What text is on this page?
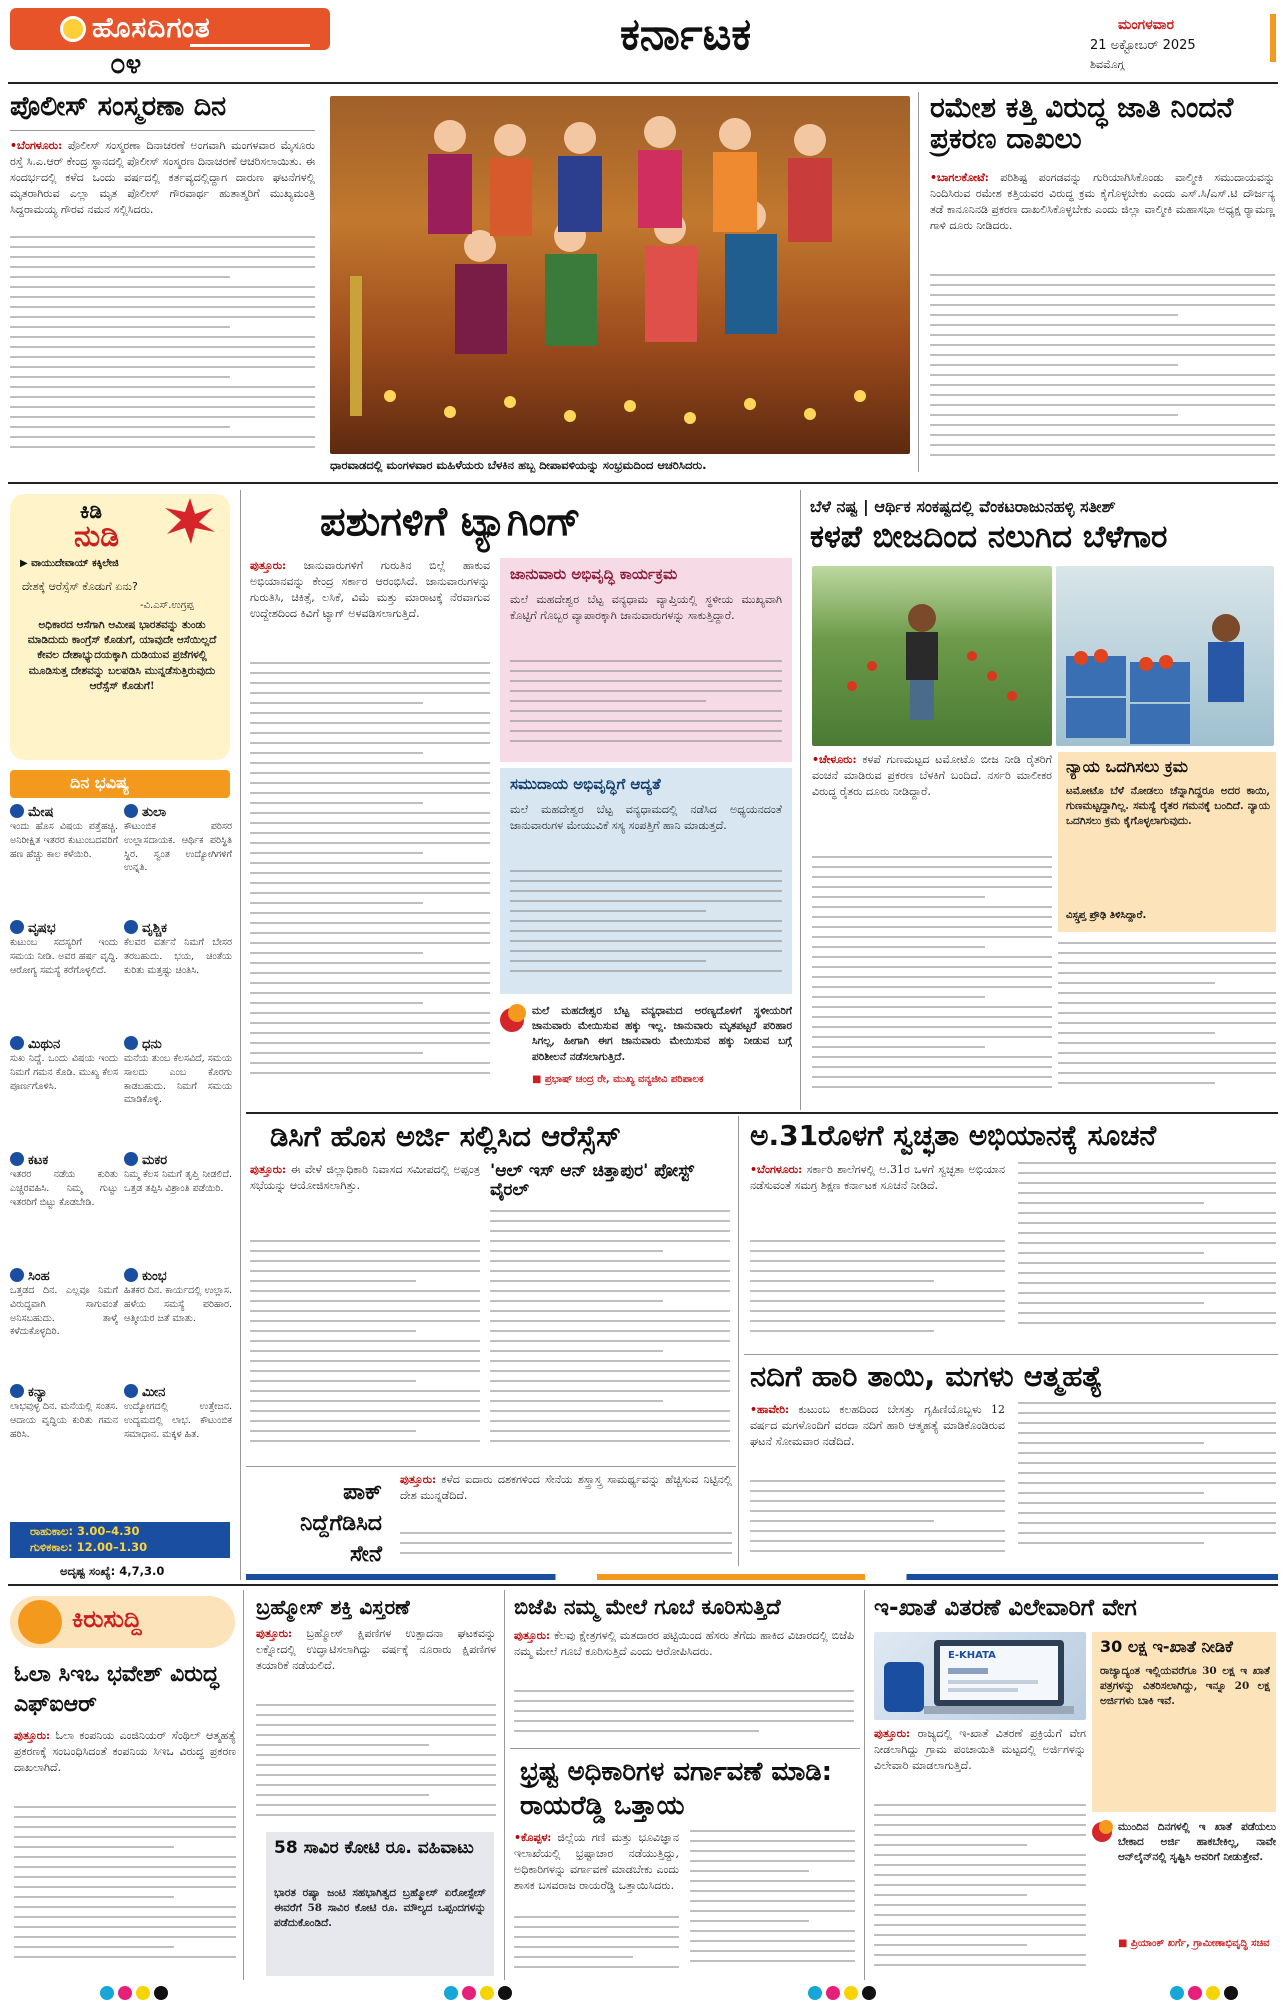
ಹೊಸದಿಗಂತ
೦೪
ಕರ್ನಾಟಕ	ಮಂಗಳವಾರ
21 ಅಕ್ಟೋಬರ್ 2025
ಶಿವಮೊಗ್ಗ
ಪೊಲೀಸ್ ಸಂಸ್ಮರಣಾ ದಿನ
•ಬೆಂಗಳೂರು: ಪೊಲೀಸ್ ಸಂಸ್ಮರಣಾ ದಿನಾಚರಣೆ ಅಂಗವಾಗಿ ಮಂಗಳವಾರ ಮೈಸೂರು ರಸ್ತೆ ಸಿ.ಎ.ಆರ್ ಕೇಂದ್ರ ಸ್ಥಾನದಲ್ಲಿ ಪೊಲೀಸ್ ಸಂಸ್ಮರಣ ದಿನಾಚರಣೆ ಆಚರಿಸಲಾಯಿತು. ಈ ಸಂದರ್ಭದಲ್ಲಿ ಕಳೆದ ಒಂದು ವರ್ಷದಲ್ಲಿ ಕರ್ತವ್ಯದಲ್ಲಿದ್ದಾಗ ದಾರುಣ ಘಟನೆಗಳಲ್ಲಿ ಮೃತರಾಗಿರುವ ಎಲ್ಲಾ ಮೃತ ಪೊಲೀಸ್ ಗೌರವಾರ್ಥ ಹುತಾತ್ಮರಿಗೆ ಮುಖ್ಯಮಂತ್ರಿ ಸಿದ್ದರಾಮಯ್ಯ ಗೌರವ ನಮನ ಸಲ್ಲಿಸಿದರು.
ಧಾರವಾಡದಲ್ಲಿ ಮಂಗಳವಾರ ಮಹಿಳೆಯರು ಬೆಳಕಿನ ಹಬ್ಬ ದೀಪಾವಳಿಯನ್ನು ಸಂಭ್ರಮದಿಂದ ಆಚರಿಸಿದರು.
ರಮೇಶ ಕತ್ತಿ ವಿರುದ್ಧ ಜಾತಿ ನಿಂದನೆ ಪ್ರಕರಣ ದಾಖಲು
•ಬಾಗಲಕೋಟೆ: ಪರಿಶಿಷ್ಟ ಪಂಗಡವನ್ನು ಗುರಿಯಾಗಿಸಿಕೊಂಡು ವಾಲ್ಮೀಕಿ ಸಮುದಾಯವನ್ನು ನಿಂದಿಸಿರುವ ರಮೇಶ ಕತ್ತಿಯವರ ವಿರುದ್ಧ ಕ್ರಮ ಕೈಗೊಳ್ಳಬೇಕು ಎಂದು ಎಸ್.ಸಿ/ಎಸ್.ಟಿ ದೌರ್ಜನ್ಯ ತಡೆ ಕಾನೂನಿನಡಿ ಪ್ರಕರಣ ದಾಖಲಿಸಿಕೊಳ್ಳಬೇಕು ಎಂದು ಜಿಲ್ಲಾ ವಾಲ್ಮೀಕಿ ಮಹಾಸಭಾ ಅಧ್ಯಕ್ಷ ರ‍್ಯಾಮಣ್ಣ ಗಾಳಿ ದೂರು ನೀಡಿದರು.
ಕಿಡಿ
ನುಡಿ
▶ ವಾಯುದೇವಾಯ್ ಕಕ್ಕಿಲೇಜಿ
ದೇಶಕ್ಕೆ ಆರೆಸ್ಸೆಸ್ ಕೊಡುಗೆ ಏನು?
-ವಿ.ಎಸ್.ಉಗ್ರಪ್ಪ
ಅಧಿಕಾರದ ಆಸೆಗಾಗಿ ಆಮೀಷ ಭಾರತವನ್ನು ತುಂಡು ಮಾಡಿದುದು ಕಾಂಗ್ರೆಸ್ ಕೊಡುಗೆ, ಯಾವುದೇ ಆಸೆಯಿಲ್ಲದೆ ಕೇವಲ ದೇಶಾಭ್ಯುದಯಕ್ಕಾಗಿ ದುಡಿಯುವ ಪ್ರಜೆಗಳಲ್ಲಿ ಮೂಡಿಸುತ್ತ ದೇಶವನ್ನು ಬಲಪಡಿಸಿ ಮುನ್ನಡೆಸುತ್ತಿರುವುದು ಆರೆಸ್ಸೆಸ್ ಕೊಡುಗೆ!
ದಿನ ಭವಿಷ್ಯ
ಮೇಷ
ಇಂದು ಹೊಸ ವಿಷಯ ಪತ್ತೆಹಚ್ಚಿ. ಅನಿರೀಕ್ಷಿತ ಇತರರ ಕುಟುಂಬದವರಿಗೆ ಹಣ ಹೆಚ್ಚು ಕಾಲ ಕಳೆಯಿರಿ.
ತುಲಾ
ಕೌಟುಂಬಿಕ ಪರಿಸರ ಉಲ್ಲಾಸದಾಯಕ. ಆರ್ಥಿಕ ಪರಿಸ್ಥಿತಿ ಸ್ಥಿರ. ಸ್ವಂತ ಉದ್ಯೋಗಿಗಳಿಗೆ ಉನ್ನತಿ.
ವೃಷಭ
ಕುಟುಂಬ ಸದಸ್ಯರಿಗೆ ಇಂದು ಸಮಯ ನೀಡಿ. ಅವರ ಹರ್ಷ ವೃದ್ಧಿ. ಆರೋಗ್ಯ ಸಮಸ್ಯೆ ಕರೆಗೊಳ್ಳಲಿದೆ.
ವೃಶ್ಚಿಕ
ಕೆಲವರ ವರ್ತನೆ ನಿಮಗೆ ಬೇಸರ ತರಬಹುದು. ಭಯ, ಚಿಂತೆಯ ಕುರಿತು ಮತ್ತಷ್ಟು ಚಿಂತಿಸಿ.
ಮಿಥುನ
ಸುಖ ನಿದ್ದೆ. ಒಂದು ವಿಷಯ ಇಂದು ನಿಮಗೆ ಗಮನ ಕೊಡಿ. ಮುಖ್ಯ ಕೆಲಸ ಪೂರ್ಣಗೊಳಿಸಿ.
ಧನು
ಮನೆಯ ತುಂಬ ಕೆಲಸವಿದೆ, ಸಮಯ ಸಾಲದು ಎಂಬ ಕೊರಗು ಕಾಡಬಹುದು. ನಿಮಗೆ ಸಮಯ ಮಾಡಿಕೊಳ್ಳಿ.
ಕಟಕ
ಇತರರ ನಡೆಯ ಕುರಿತು ಎಚ್ಚರವಹಿಸಿ. ನಿಮ್ಮ ಗುಟ್ಟು ಇತರರಿಗೆ ಬಿಟ್ಟು ಕೊಡಬೇಡಿ.
ಮಕರ
ನಿಮ್ಮ ಕೆಲಸ ನಿಮಗೆ ತೃಪ್ತಿ ನೀಡಲಿದೆ. ಒತ್ತಡ ತಪ್ಪಿಸಿ ವಿಶ್ರಾಂತಿ ಪಡೆಯಿರಿ.
ಸಿಂಹ
ಒತ್ತಡದ ದಿನ. ಎಲ್ಲವೂ ನಿಮಗೆ ವಿರುದ್ಧವಾಗಿ ಸಾಗುವಂತೆ ಅನಿಸಬಹುದು. ತಾಳ್ಮೆ ಕಳೆದುಕೊಳ್ಳದಿರಿ.
ಕುಂಭ
ಹಿತಕರ ದಿನ. ಕಾರ್ಯದಲ್ಲಿ ಉಲ್ಲಾಸ. ಹಳೆಯ ಸಮಸ್ಯೆ ಪರಿಹಾರ. ಆತ್ಮೀಯರ ಜತೆ ಮಾತು.
ಕನ್ಯಾ
ಲಾಭವುಳ್ಳ ದಿನ. ಮನೆಯಲ್ಲಿ ಸಂತಸ. ಆದಾಯ ವೃದ್ಧಿಯ ಕುರಿತು ಗಮನ ಹರಿಸಿ.
ಮೀನ
ಉದ್ಯೋಗದಲ್ಲಿ ಉತ್ತೇಜನ. ಉದ್ಯಮದಲ್ಲಿ ಲಾಭ. ಕೌಟುಂಬಿಕ ಸಮಾಧಾನ. ಮಕ್ಕಳ ಹಿತ.
ರಾಹುಕಾಲ: 3.00–4.30
ಗುಳಿಕಕಾಲ: 12.00–1.30
ಅದೃಷ್ಟ ಸಂಖ್ಯೆ: 4,7,3.0
ಪಶುಗಳಿಗೆ ಟ್ಯಾಗಿಂಗ್
ಪುತ್ತೂರು: ಜಾನುವಾರುಗಳಿಗೆ ಗುರುತಿನ ಬಿಲ್ಲೆ ಹಾಕುವ ಅಭಿಯಾನವನ್ನು ಕೇಂದ್ರ ಸರ್ಕಾರ ಆರಂಭಿಸಿದೆ. ಜಾನುವಾರುಗಳನ್ನು ಗುರುತಿಸಿ, ಚಿಕಿತ್ಸೆ, ಲಸಿಕೆ, ವಿಮೆ ಮತ್ತು ಮಾರಾಟಕ್ಕೆ ನೆರವಾಗುವ ಉದ್ದೇಶದಿಂದ ಕಿವಿಗೆ ಟ್ಯಾಗ್ ಅಳವಡಿಸಲಾಗುತ್ತಿದೆ.
ಜಾನುವಾರು ಅಭಿವೃದ್ಧಿ ಕಾರ್ಯಕ್ರಮ
ಮಲೆ ಮಹದೇಶ್ವರ ಬೆಟ್ಟ ವನ್ಯಧಾಮ ವ್ಯಾಪ್ತಿಯಲ್ಲಿ ಸ್ಥಳೀಯ ಮುಖ್ಯವಾಗಿ ಕೊಟ್ಟಿಗೆ ಗೊಬ್ಬರ ವ್ಯಾಪಾರಕ್ಕಾಗಿ ಜಾನುವಾರುಗಳನ್ನು ಸಾಕುತ್ತಿದ್ದಾರೆ.
ಸಮುದಾಯ ಅಭಿವೃದ್ಧಿಗೆ ಆದ್ಯತೆ
ಮಲೆ ಮಹದೇಶ್ವರ ಬೆಟ್ಟ ವನ್ಯಧಾಮದಲ್ಲಿ ನಡೆಸಿದ ಅಧ್ಯಯನದಂತೆ ಜಾನುವಾರುಗಳ ಮೇಯುವಿಕೆ ಸಸ್ಯ ಸಂಪತ್ತಿಗೆ ಹಾನಿ ಮಾಡುತ್ತದೆ.
ಮಲೆ ಮಹದೇಶ್ವರ ಬೆಟ್ಟ ವನ್ಯಧಾಮದ ಅರಣ್ಯದೊಳಗೆ ಸ್ಥಳೀಯರಿಗೆ ಜಾನುವಾರು ಮೇಯಿಸುವ ಹಕ್ಕು ಇಲ್ಲ. ಜಾನುವಾರು ಮೃತಪಟ್ಟರೆ ಪರಿಹಾರ ಸಿಗಲ್ಲ, ಹೀಗಾಗಿ ಈಗ ಜಾನುವಾರು ಮೇಯಿಸುವ ಹಕ್ಕು ನೀಡುವ ಬಗ್ಗೆ ಪರಿಶೀಲನೆ ನಡೆಸಲಾಗುತ್ತಿದೆ.
■ ಪ್ರಭಾಷ್ ಚಂದ್ರ ರೇ, ಮುಖ್ಯ ವನ್ಯಜೀವಿ ಪರಿಪಾಲಕ
ಬೆಳೆ ನಷ್ಟ | ಆರ್ಥಿಕ ಸಂಕಷ್ಟದಲ್ಲಿ ವೆಂಕಟರಾಜುನಹಳ್ಳಿ ಸತೀಶ್
ಕಳಪೆ ಬೀಜದಿಂದ ನಲುಗಿದ ಬೆಳೆಗಾರ
•ಚೇಳೂರು: ಕಳಪೆ ಗುಣಮಟ್ಟದ ಟಮೋಟೊ ಬೀಜ ನೀಡಿ ರೈತರಿಗೆ ವಂಚನೆ ಮಾಡಿರುವ ಪ್ರಕರಣ ಬೆಳಕಿಗೆ ಬಂದಿದೆ. ನರ್ಸರಿ ಮಾಲೀಕರ ವಿರುದ್ಧ ರೈತರು ದೂರು ನೀಡಿದ್ದಾರೆ.
ನ್ಯಾಯ ಒದಗಿಸಲು ಕ್ರಮ
ಟಮೋಟೊ ಬೆಳೆ ನೋಡಲು ಚೆನ್ನಾಗಿದ್ದರೂ ಅದರ ಕಾಯಿ, ಗುಣಮಟ್ಟದ್ದಾಗಿಲ್ಲ. ಸಮಸ್ಯೆ ರೈತರ ಗಮನಕ್ಕೆ ಬಂದಿದೆ. ನ್ಯಾಯ ಒದಗಿಸಲು ಕ್ರಮ ಕೈಗೊಳ್ಳಲಾಗುವುದು.
ವಿಸ್ಸ್ತಪ್ತ ಪ್ರೌಢಿ ತಿಳಿಸಿದ್ದಾರೆ.
ಡಿಸಿಗೆ ಹೊಸ ಅರ್ಜಿ ಸಲ್ಲಿಸಿದ ಆರೆಸ್ಸೆಸ್
ಪುತ್ತೂರು: ಈ ವೇಳೆ ಜಿಲ್ಲಾಧಿಕಾರಿ ನಿವಾಸದ ಸಮೀಪದಲ್ಲಿ ಅಪ್ಪಂತ್ರ ಸಭೆಯನ್ನು ಆಯೋಜಿಸಲಾಗಿತ್ತು.
'ಆಲ್ ಇಸ್ ಆನ್ ಚಿತ್ತಾಪುರ' ಪೋಸ್ಟ್ ವೈರಲ್
ಅ.31ರೊಳಗೆ ಸ್ವಚ್ಛತಾ ಅಭಿಯಾನಕ್ಕೆ ಸೂಚನೆ
•ಬೆಂಗಳೂರು: ಸರ್ಕಾರಿ ಶಾಲೆಗಳಲ್ಲಿ ಅ.31ರ ಒಳಗೆ ಸ್ವಚ್ಛತಾ ಅಭಿಯಾನ ನಡೆಸುವಂತೆ ಸಮಗ್ರ ಶಿಕ್ಷಣ ಕರ್ನಾಟಕ ಸೂಚನೆ ನೀಡಿದೆ.
ನದಿಗೆ ಹಾರಿ ತಾಯಿ, ಮಗಳು ಆತ್ಮಹತ್ಯೆ
•ಹಾವೇರಿ: ಕುಟುಂಬ ಕಲಹದಿಂದ ಬೇಸತ್ತು ಗೃಹಿಣಿಯೊಬ್ಬಳು 12 ವರ್ಷದ ಮಗಳೊಂದಿಗೆ ವರದಾ ನದಿಗೆ ಹಾರಿ ಆತ್ಮಹತ್ಯೆ ಮಾಡಿಕೊಂಡಿರುವ ಘಟನೆ ಸೋಮವಾರ ನಡೆದಿದೆ.
ಪಾಕ್ ನಿದ್ದೆಗೆಡಿಸಿದ ಸೇನೆ
ಪುತ್ತೂರು: ಕಳೆದ ಐದಾರು ದಶಕಗಳಿಂದ ಸೇನೆಯ ಶಸ್ತ್ರಾಸ್ತ್ರ ಸಾಮರ್ಥ್ಯವನ್ನು ಹೆಚ್ಚಿಸುವ ನಿಟ್ಟಿನಲ್ಲಿ ದೇಶ ಮುನ್ನಡೆದಿದೆ.
ಕಿರುಸುದ್ದಿ
ಓಲಾ ಸಿಇಒ ಭವೇಶ್ ವಿರುದ್ಧ ಎಫ್ಐಆರ್
ಪುತ್ತೂರು: ಓಲಾ ಕಂಪನಿಯ ಎಂಜಿನಿಯರ್ ಸೆಂಥಿಲ್ ಆತ್ಮಹತ್ಯೆ ಪ್ರಕರಣಕ್ಕೆ ಸಂಬಂಧಿಸಿದಂತೆ ಕಂಪನಿಯ ಸಿಇಒ ವಿರುದ್ಧ ಪ್ರಕರಣ ದಾಖಲಾಗಿದೆ.
ಬ್ರಹ್ಮೋಸ್ ಶಕ್ತಿ ವಿಸ್ತರಣೆ
ಪುತ್ತೂರು: ಬ್ರಹ್ಮೋಸ್ ಕ್ಷಿಪಣಿಗಳ ಉತ್ಪಾದನಾ ಘಟಕವನ್ನು ಲಕ್ನೋದಲ್ಲಿ ಉದ್ಘಾಟಿಸಲಾಗಿದ್ದು ವರ್ಷಕ್ಕೆ ನೂರಾರು ಕ್ಷಿಪಣಿಗಳ ತಯಾರಿಕೆ ನಡೆಯಲಿದೆ.
58 ಸಾವಿರ ಕೋಟಿ ರೂ. ವಹಿವಾಟು
ಭಾರತ ರಷ್ಯಾ ಜಂಟಿ ಸಹಭಾಗಿತ್ವದ ಬ್ರಹ್ಮೋಸ್ ಏರೋಸ್ಪೇಸ್ ಈವರೆಗೆ 58 ಸಾವಿರ ಕೋಟಿ ರೂ. ಮೌಲ್ಯದ ಒಪ್ಪಂದಗಳನ್ನು ಪಡೆದುಕೊಂಡಿದೆ.
ಬಿಜೆಪಿ ನಮ್ಮ ಮೇಲೆ ಗೂಬೆ ಕೂರಿಸುತ್ತಿದೆ
ಪುತ್ತೂರು: ಕೆಲವು ಕ್ಷೇತ್ರಗಳಲ್ಲಿ ಮತದಾರರ ಪಟ್ಟಿಯಿಂದ ಹೆಸರು ತೆಗೆದು ಹಾಕಿದ ವಿಚಾರದಲ್ಲಿ ಬಿಜೆಪಿ ನಮ್ಮ ಮೇಲೆ ಗೂಬೆ ಕೂರಿಸುತ್ತಿದೆ ಎಂದು ಆರೋಪಿಸಿದರು.
ಭ್ರಷ್ಟ ಅಧಿಕಾರಿಗಳ ವರ್ಗಾವಣೆ ಮಾಡಿ: ರಾಯರೆಡ್ಡಿ ಒತ್ತಾಯ
•ಕೊಪ್ಪಳ: ಜಿಲ್ಲೆಯ ಗಣಿ ಮತ್ತು ಭೂವಿಜ್ಞಾನ ಇಲಾಖೆಯಲ್ಲಿ ಭ್ರಷ್ಟಾಚಾರ ನಡೆಯುತ್ತಿದ್ದು, ಅಧಿಕಾರಿಗಳನ್ನು ವರ್ಗಾವಣೆ ಮಾಡಬೇಕು ಎಂದು ಶಾಸಕ ಬಸವರಾಜ ರಾಯರೆಡ್ಡಿ ಒತ್ತಾಯಿಸಿದರು.
ಇ-ಖಾತೆ ವಿತರಣೆ ವಿಲೇವಾರಿಗೆ ವೇಗ
E-KHATA
ಪುತ್ತೂರು: ರಾಜ್ಯದಲ್ಲಿ ಇ-ಖಾತೆ ವಿತರಣೆ ಪ್ರಕ್ರಿಯೆಗೆ ವೇಗ ನೀಡಲಾಗಿದ್ದು ಗ್ರಾಮ ಪಂಚಾಯಿತಿ ಮಟ್ಟದಲ್ಲಿ ಅರ್ಜಿಗಳನ್ನು ವಿಲೇವಾರಿ ಮಾಡಲಾಗುತ್ತಿದೆ.
30 ಲಕ್ಷ ಇ-ಖಾತೆ ನೀಡಿಕೆ
ರಾಜ್ಯಾದ್ಯಂತ ಇಲ್ಲಿಯವರೆಗೂ 30 ಲಕ್ಷ ಇ ಖಾತೆ ಪತ್ರಗಳನ್ನು ವಿತರಿಸಲಾಗಿದ್ದು, ಇನ್ನೂ 20 ಲಕ್ಷ ಅರ್ಜಿಗಳು ಬಾಕಿ ಇವೆ.
ಮುಂದಿನ ದಿನಗಳಲ್ಲಿ ಇ ಖಾತೆ ಪಡೆಯಲು ಬೇಕಾದ ಅರ್ಜಿ ಹಾಕಬೇಕಿಲ್ಲ, ನಾವೇ ಆನ್‌ಲೈನ್‌ನಲ್ಲಿ ಸೃಷ್ಟಿಸಿ ಅವರಿಗೆ ನೀಡುತ್ತೇವೆ.
■ ಪ್ರಿಯಾಂಕ್ ಖರ್ಗೆ, ಗ್ರಾಮೀಣಾಭಿವೃದ್ಧಿ ಸಚಿವ
